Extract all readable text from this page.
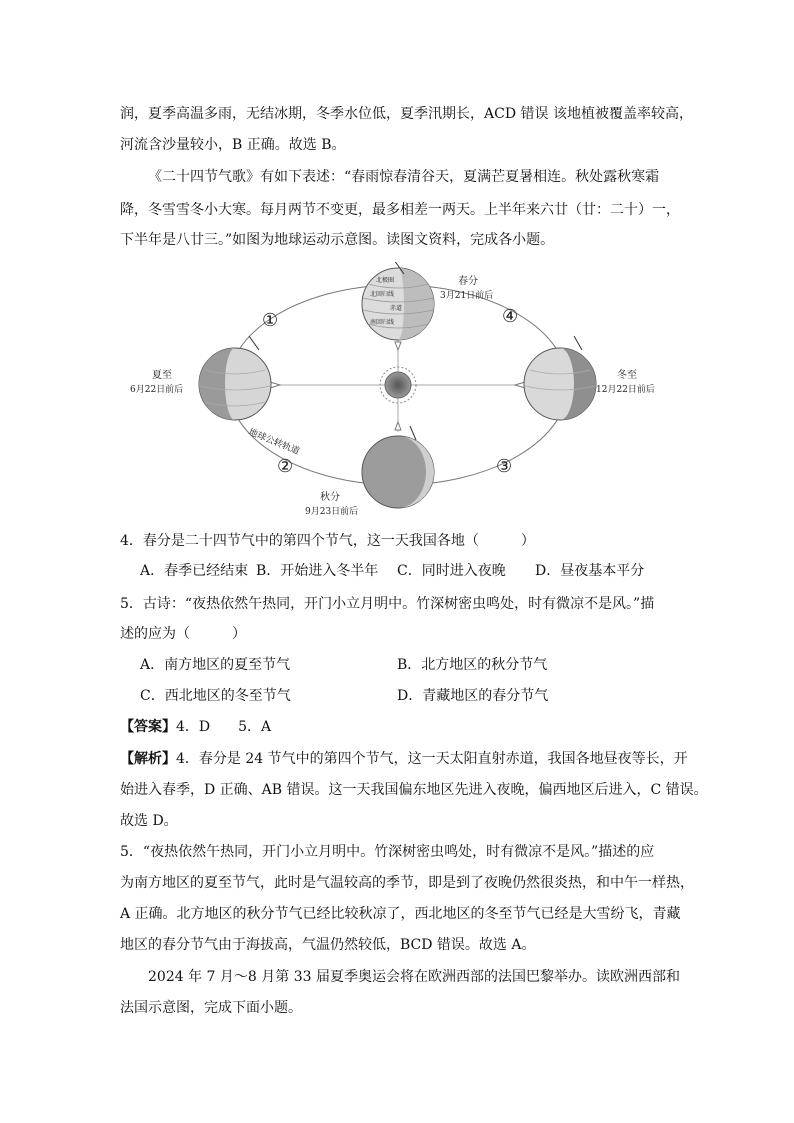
润，夏季高温多雨，无结冰期，冬季水位低，夏季汛期长，ACD 错误 该地植被覆盖率较高，
河流含沙量较小，B 正确。故选 B。
《二十四节气歌》有如下表述：“春雨惊春清谷天，夏满芒夏暑相连。秋处露秋寒霜
降，冬雪雪冬小大寒。每月两节不变更，最多相差一两天。上半年来六廿（廿：二十）一，
下半年是八廿三。”如图为地球运动示意图。读图文资料，完成各小题。
北极圈
北回归线
赤道
南回归线
春分
3月21日前后
夏至
6月22日前后
秋分
9月23日前后
冬至
12月22日前后
地球公转轨道
①
②	③
④
4．春分是二十四节气中的第四个节气，这一天我国各地（　　　）
A．春季已经结束 B．开始进入冬半年 C．同时进入夜晚 D．昼夜基本平分
5．古诗：“夜热依然午热同，开门小立月明中。竹深树密虫鸣处，时有微凉不是风。”描
述的应为（　　　）
A．南方地区的夏至节气	B．北方地区的秋分节气
C．西北地区的冬至节气	D．青藏地区的春分节气
【答案】4．D　　5．A
【解析】4．春分是 24 节气中的第四个节气，这一天太阳直射赤道，我国各地昼夜等长，开
始进入春季，D 正确、AB 错误。这一天我国偏东地区先进入夜晚，偏西地区后进入，C 错误。
故选 D。
5．“夜热依然午热同，开门小立月明中。竹深树密虫鸣处，时有微凉不是风。”描述的应
为南方地区的夏至节气，此时是气温较高的季节，即是到了夜晚仍然很炎热，和中午一样热，
A 正确。北方地区的秋分节气已经比较秋凉了，西北地区的冬至节气已经是大雪纷飞，青藏
地区的春分节气由于海拔高，气温仍然较低，BCD 错误。故选 A。
2024 年 7 月～8 月第 33 届夏季奥运会将在欧洲西部的法国巴黎举办。读欧洲西部和
法国示意图，完成下面小题。
